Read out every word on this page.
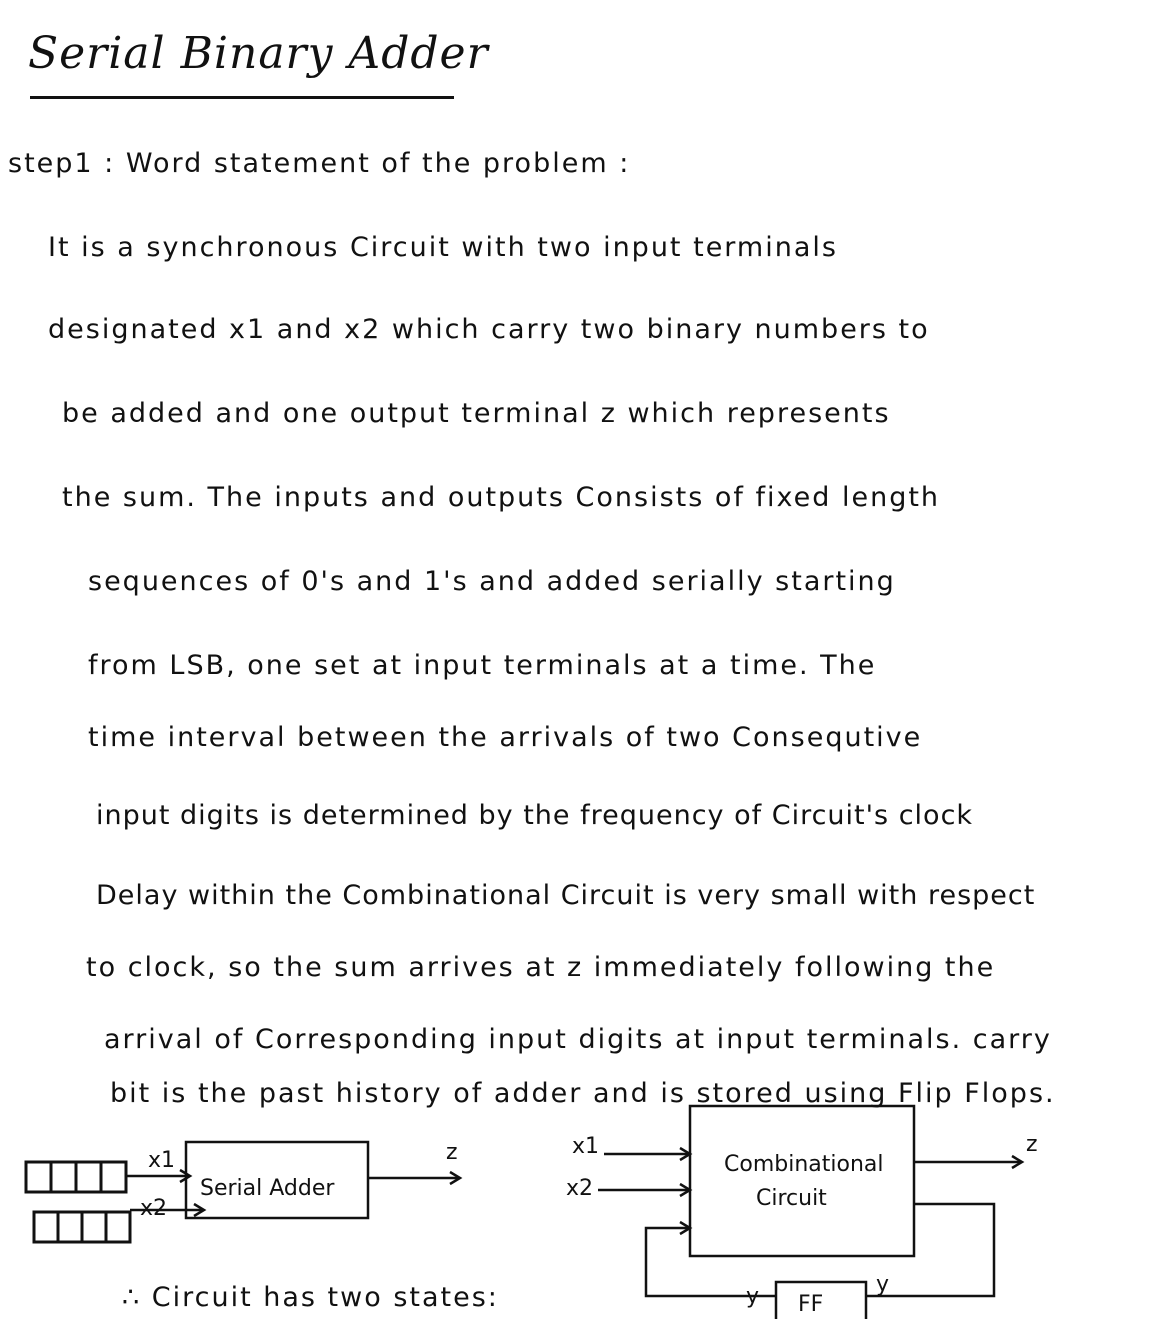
Serial Binary Adder
step1 : Word statement of the problem :
It is a synchronous Circuit with two input terminals
designated x1 and x2 which carry two binary numbers to
be added and one output terminal z which represents
the sum. The inputs and outputs Consists of fixed length
sequences of 0's and 1's and added serially starting
from LSB, one set at input terminals at a time. The
time interval between the arrivals of two Consequtive
input digits is determined by the frequency of Circuit's clock
Delay within the Combinational Circuit is very small with respect
to clock, so the sum arrives at z immediately following the
arrival of Corresponding input digits at input terminals. carry
bit is the past history of adder and is stored using Flip Flops.
x1
x2
Serial Adder
z	x1
x2
Combinational
Circuit
z
y
y FF
∴ Circuit has two states:
